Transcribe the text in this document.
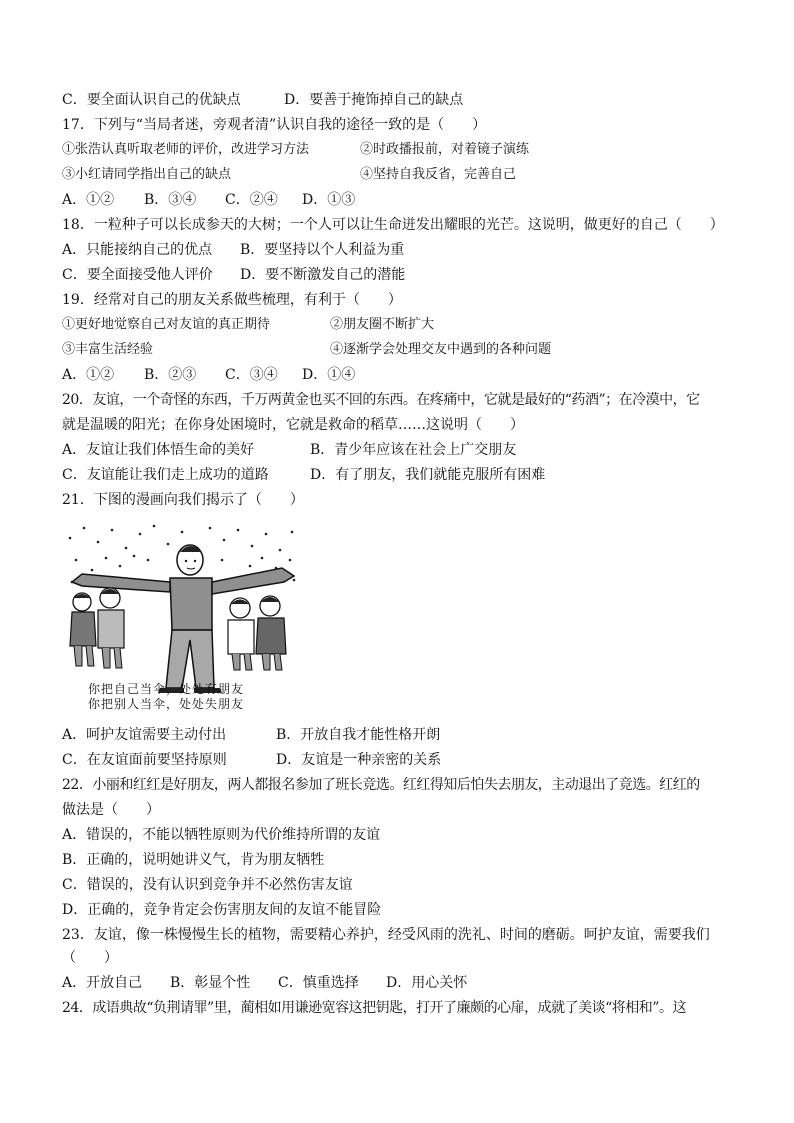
C．要全面认识自己的优缺点	D．要善于掩饰掉自己的缺点
17．下列与“当局者迷，旁观者清”认识自我的途径一致的是（　　）
①张浩认真听取老师的评价，改进学习方法	②时政播报前，对着镜子演练
③小红请同学指出自己的缺点	④坚持自我反省，完善自己
A．①② B．③④ C．②④ D．①③
18．一粒种子可以长成参天的大树；一个人可以让生命迸发出耀眼的光芒。这说明，做更好的自己（　　）
A．只能接纳自己的优点 B．要坚持以个人利益为重
C．要全面接受他人评价 D．要不断激发自己的潜能
19．经常对自己的朋友关系做些梳理，有利于（　　）
①更好地觉察自己对友谊的真正期待	②朋友圈不断扩大
③丰富生活经验	④逐渐学会处理交友中遇到的各种问题
A．①② B．②③ C．③④ D．①④
20．友谊，一个奇怪的东西，千万两黄金也买不回的东西。在疼痛中，它就是最好的“药酒”；在冷漠中，它
就是温暖的阳光；在你身处困境时，它就是救命的稻草……这说明（　　）
A．友谊让我们体悟生命的美好	B．青少年应该在社会上广交朋友
C．友谊能让我们走上成功的道路	D．有了朋友，我们就能克服所有困难
21．下图的漫画向我们揭示了（　　）
你把自己当伞，处处有朋友
你把别人当伞，处处失朋友
A．呵护友谊需要主动付出	B．开放自我才能性格开朗
C．在友谊面前要坚持原则	D．友谊是一种亲密的关系
22．小丽和红红是好朋友，两人都报名参加了班长竞选。红红得知后怕失去朋友，主动退出了竞选。红红的
做法是（　　）
A．错误的，不能以牺牲原则为代价维持所谓的友谊
B．正确的，说明她讲义气，肯为朋友牺牲
C．错误的，没有认识到竞争并不必然伤害友谊
D．正确的，竞争肯定会伤害朋友间的友谊不能冒险
23．友谊，像一株慢慢生长的植物，需要精心养护，经受风雨的洗礼、时间的磨砺。呵护友谊，需要我们
（　　）
A．开放自己 B．彰显个性 C．慎重选择 D．用心关怀
24．成语典故“负荆请罪”里，蔺相如用谦逊宽容这把钥匙，打开了廉颇的心扉，成就了美谈“将相和”。这
